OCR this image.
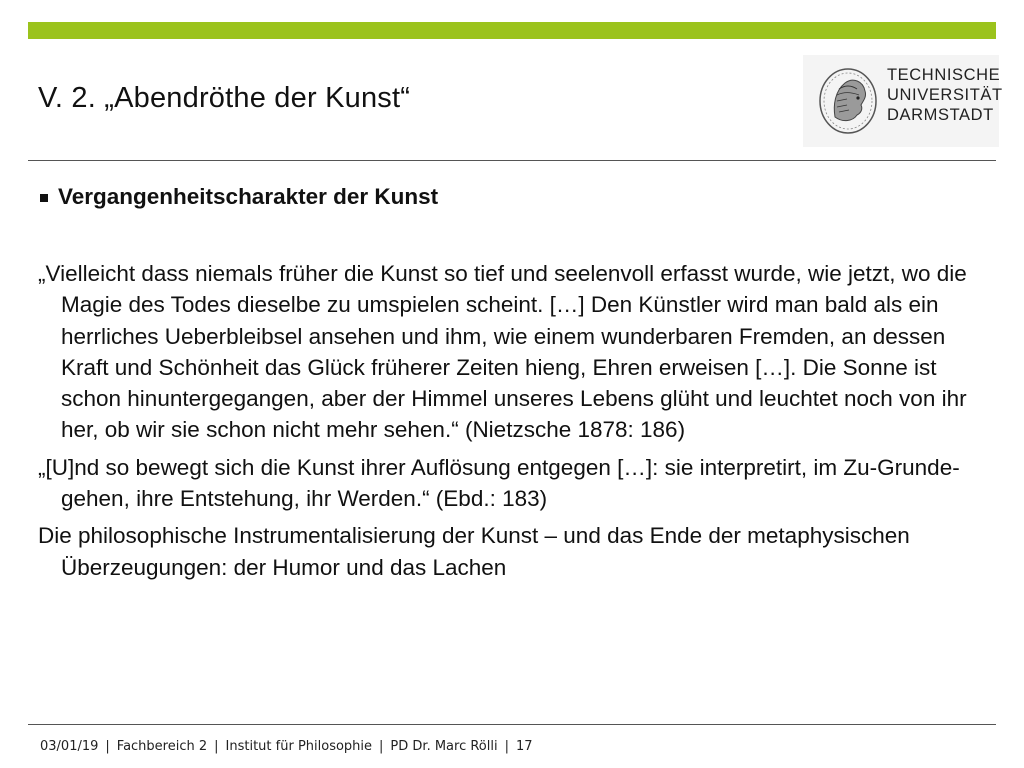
V. 2. „Abendröthe der Kunst“
TECHNISCHE
UNIVERSITÄT
DARMSTADT
Vergangenheitscharakter der Kunst
„Vielleicht dass niemals früher die Kunst so tief und seelenvoll erfasst wurde, wie jetzt, wo die Magie des Todes dieselbe zu umspielen scheint. […] Den Künstler wird man bald als ein herrliches Ueberbleibsel ansehen und ihm, wie einem wunderbaren Fremden, an dessen Kraft und Schönheit das Glück früherer Zeiten hieng, Ehren erweisen […]. Die Sonne ist schon hinuntergegangen, aber der Himmel unseres Lebens glüht und leuchtet noch von ihr her, ob wir sie schon nicht mehr sehen.“ (Nietzsche 1878: 186)
„[U]nd so bewegt sich die Kunst ihrer Auflösung entgegen […]: sie interpretirt, im Zu-Grunde-gehen, ihre Entstehung, ihr Werden.“ (Ebd.: 183)
Die philosophische Instrumentalisierung der Kunst – und das Ende der metaphysischen Überzeugungen: der Humor und das Lachen
03/01/19 | Fachbereich 2 | Institut für Philosophie | PD Dr. Marc Rölli | 17
